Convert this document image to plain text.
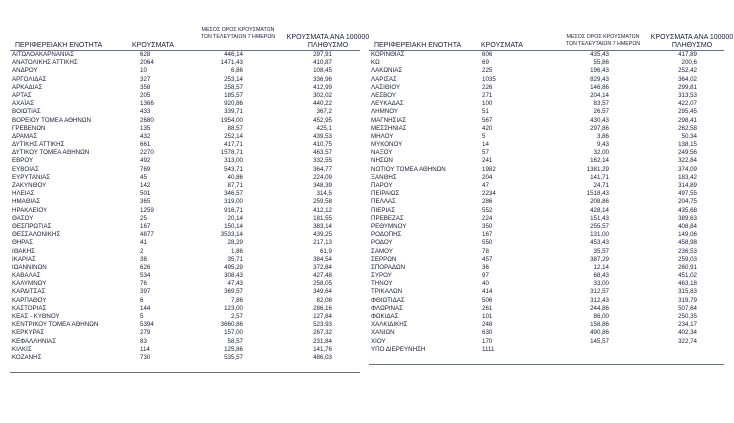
ΜΕΣΟΣ ΟΡΟΣ ΚΡΟΥΣΜΑΤΩΝ
ΤΩΝ ΤΕΛΕΥΤΑΙΩΝ 7 ΗΜΕΡΩΝ	ΚΡΟΥΣΜΑΤΑ ΑΝΑ 100000
ΠΛΗΘΥΣΜΟ
ΠΕΡΙΦΕΡΕΙΑΚΗ ΕΝΟΤΗΤΑ	ΚΡΟΥΣΜΑΤΑ
ΑΙΤΩΛΟΑΚΑΡΝΑΝΙΑΣ	628	446,14	297,91
ΑΝΑΤΟΛΙΚΗΣ ΑΤΤΙΚΗΣ	2064	1471,43	410,87
ΑΝΔΡΟΥ	10	6,86	108,45
ΑΡΓΟΛΙΔΑΣ	327	253,14	336,96
ΑΡΚΑΔΙΑΣ	358	258,57	412,99
ΑΡΤΑΣ	205	185,57	302,02
ΑΧΑΪΑΣ	1366	920,86	440,22
ΒΟΙΩΤΙΑΣ	433	339,71	367,2
ΒΟΡΕΙΟΥ ΤΟΜΕΑ ΑΘΗΝΩΝ	2680	1954,00	452,95
ΓΡΕΒΕΝΩΝ	135	88,57	425,1
ΔΡΑΜΑΣ	432	252,14	439,53
ΔΥΤΙΚΗΣ ΑΤΤΙΚΗΣ	661	417,71	410,75
ΔΥΤΙΚΟΥ ΤΟΜΕΑ ΑΘΗΝΩΝ	2270	1578,71	463,57
ΕΒΡΟΥ	492	313,00	332,55
ΕΥΒΟΙΑΣ	769	543,71	364,77
ΕΥΡΥΤΑΝΙΑΣ	45	40,86	224,09
ΖΑΚΥΝΘΟΥ	142	87,71	348,39
ΗΛΕΙΑΣ	501	346,57	314,5
ΗΜΑΘΙΑΣ	365	319,00	259,58
ΗΡΑΚΛΕΙΟΥ	1259	916,71	412,12
ΘΑΣΟΥ	25	20,14	181,55
ΘΕΣΠΡΩΤΙΑΣ	167	150,14	383,14
ΘΕΣΣΑΛΟΝΙΚΗΣ	4877	3533,14	439,25
ΘΗΡΑΣ	41	28,29	217,13
ΙΘΑΚΗΣ	2	1,86	61,9
ΙΚΑΡΙΑΣ	38	35,71	384,54
ΙΩΑΝΝΙΝΩΝ	626	495,29	372,84
ΚΑΒΑΛΑΣ	534	308,43	427,48
ΚΑΛΥΜΝΟΥ	76	47,43	258,05
ΚΑΡΔΙΤΣΑΣ	397	369,57	349,64
ΚΑΡΠΑΘΟΥ	6	7,86	82,08
ΚΑΣΤΟΡΙΑΣ	144	123,00	286,16
ΚΕΑΣ - ΚΥΘΝΟΥ	5	2,57	127,84
ΚΕΝΤΡΙΚΟΥ ΤΟΜΕΑ ΑΘΗΝΩΝ	5394	3660,86	523,93
ΚΕΡΚΥΡΑΣ	279	157,00	267,32
ΚΕΦΑΛΛΗΝΙΑΣ	83	58,57	231,84
ΚΙΛΚΙΣ	114	125,86	141,76
ΚΟΖΑΝΗΣ	730	535,57	486,03
ΜΕΣΟΣ ΟΡΟΣ ΚΡΟΥΣΜΑΤΩΝ
ΤΩΝ ΤΕΛΕΥΤΑΙΩΝ 7 ΗΜΕΡΩΝ
ΚΡΟΥΣΜΑΤΑ ΑΝΑ 100000
ΠΛΗΘΥΣΜΟ
ΠΕΡΙΦΕΡΕΙΑΚΗ ΕΝΟΤΗΤΑ	ΚΡΟΥΣΜΑΤΑ
ΚΟΡΙΝΘΙΑΣ	606	435,43	417,89
ΚΩ	69	55,86	200,6
ΛΑΚΩΝΙΑΣ	225	196,43	252,42
ΛΑΡΙΣΑΣ	1035	829,43	364,02
ΛΑΣΙΘΙΟΥ	226	146,86	299,81
ΛΕΣΒΟΥ	271	204,14	313,53
ΛΕΥΚΑΔΑΣ	100	83,57	422,07
ΛΗΜΝΟΥ	51	26,57	295,45
ΜΑΓΝΗΣΙΑΣ	567	430,43	298,41
ΜΕΣΣΗΝΙΑΣ	420	297,86	262,58
ΜΗΛΟΥ	5	3,86	50,34
ΜΥΚΟΝΟΥ	14	9,43	138,15
ΝΑΞΟΥ	57	32,00	249,56
ΝΗΣΩΝ	241	162,14	322,84
ΝΟΤΙΟΥ ΤΟΜΕΑ ΑΘΗΝΩΝ	1982	1381,29	374,09
ΞΑΝΘΗΣ	204	141,71	183,42
ΠΑΡΟΥ	47	24,71	314,89
ΠΕΙΡΑΙΩΣ	2234	1518,43	497,55
ΠΕΛΛΑΣ	286	208,86	204,75
ΠΙΕΡΙΑΣ	552	428,14	435,68
ΠΡΕΒΕΖΑΣ	224	151,43	389,63
ΡΕΘΥΜΝΟΥ	350	255,57	408,84
ΡΟΔΟΠΗΣ	167	131,00	149,06
ΡΟΔΟΥ	550	453,43	458,98
ΣΑΜΟΥ	78	35,57	236,53
ΣΕΡΡΩΝ	457	387,29	259,03
ΣΠΟΡΑΔΩΝ	36	12,14	260,91
ΣΥΡΟΥ	97	68,43	451,02
ΤΗΝΟΥ	40	33,00	463,18
ΤΡΙΚΑΛΩΝ	414	312,57	315,83
ΦΘΙΩΤΙΔΑΣ	506	312,43	319,79
ΦΛΩΡΙΝΑΣ	261	244,86	507,64
ΦΩΚΙΔΑΣ	101	86,00	250,35
ΧΑΛΚΙΔΙΚΗΣ	248	158,86	234,17
ΧΑΝΙΩΝ	630	490,86	402,34
ΧΙΟΥ	170	145,57	322,74
ΥΠΟ ΔΙΕΡΕΥΝΗΣΗ	1111
